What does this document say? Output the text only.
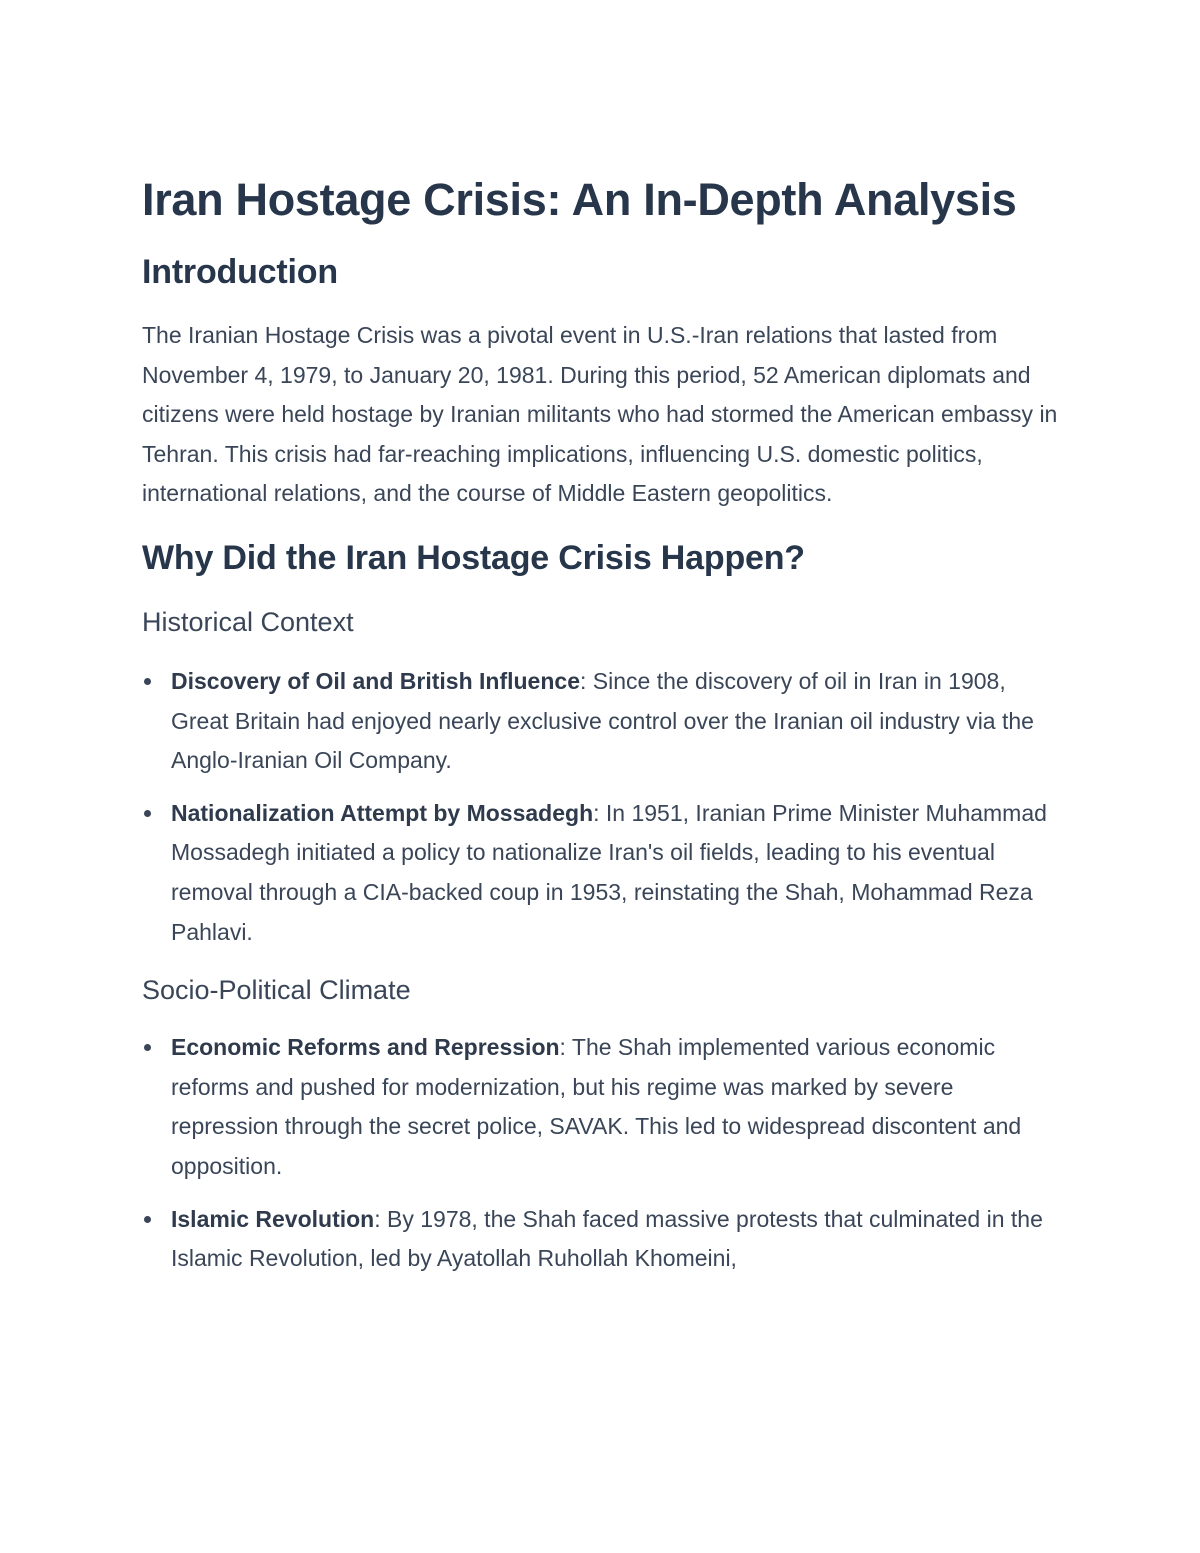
Iran Hostage Crisis: An In-Depth Analysis
Introduction

The Iranian Hostage Crisis was a pivotal event in U.S.-Iran relations that lasted from November 4, 1979, to January 20, 1981. During this period, 52 American diplomats and citizens were held hostage by Iranian militants who had stormed the American embassy in Tehran. This crisis had far-reaching implications, influencing U.S. domestic politics, international relations, and the course of Middle Eastern geopolitics.

Why Did the Iran Hostage Crisis Happen?
Historical Context
Discovery of Oil and British Influence: Since the discovery of oil in Iran in 1908, Great Britain had enjoyed nearly exclusive control over the Iranian oil industry via the Anglo-Iranian Oil Company.
Nationalization Attempt by Mossadegh: In 1951, Iranian Prime Minister Muhammad Mossadegh initiated a policy to nationalize Iran's oil fields, leading to his eventual removal through a CIA-backed coup in 1953, reinstating the Shah, Mohammad Reza Pahlavi.
Socio-Political Climate
Economic Reforms and Repression: The Shah implemented various economic reforms and pushed for modernization, but his regime was marked by severe repression through the secret police, SAVAK. This led to widespread discontent and opposition.
Islamic Revolution: By 1978, the Shah faced massive protests that culminated in the Islamic Revolution, led by Ayatollah Ruhollah Khomeini,
